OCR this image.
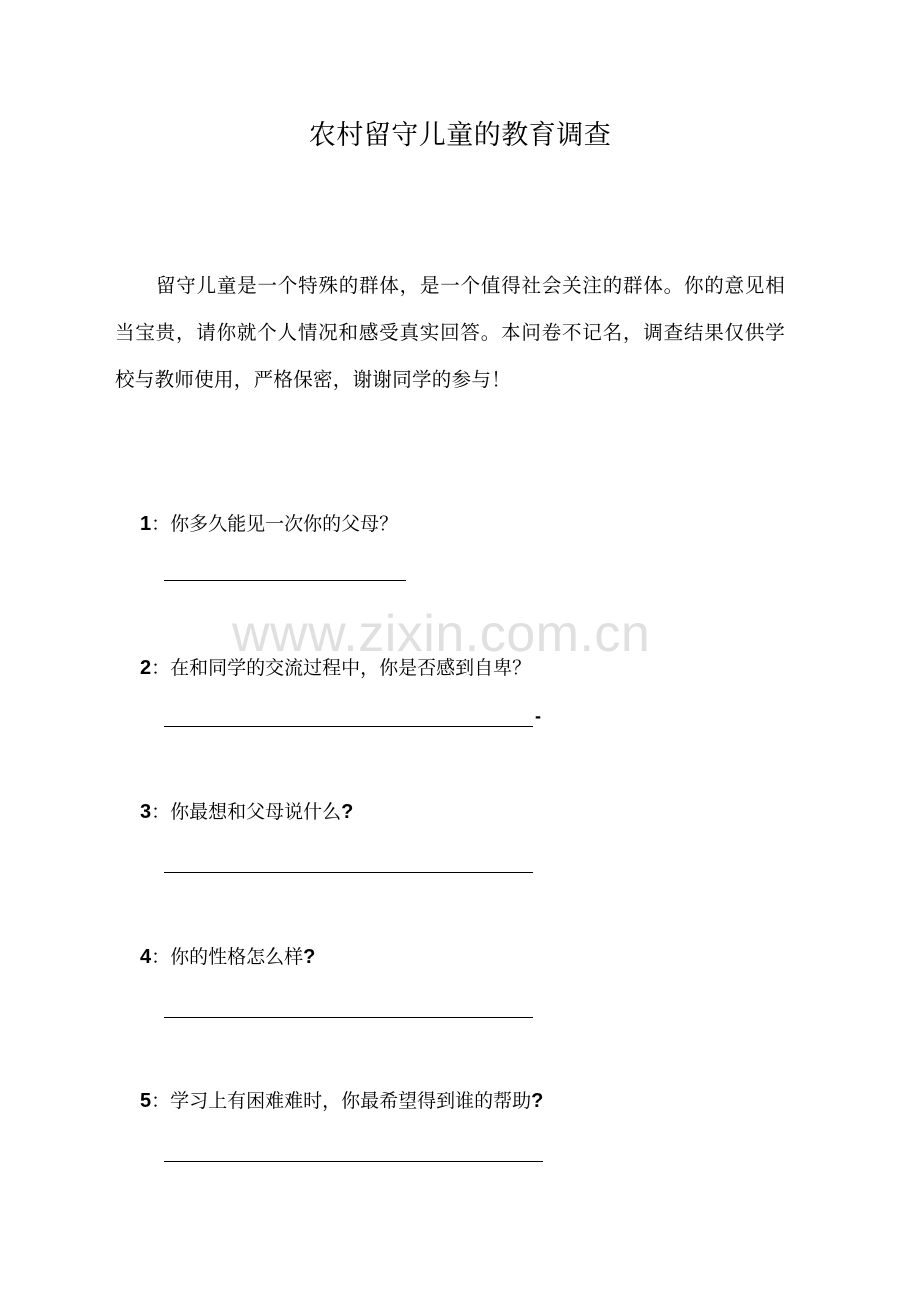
农村留守儿童的教育调查
留守儿童是一个特殊的群体，是一个值得社会关注的群体。你的意见相当宝贵，请你就个人情况和感受真实回答。本问卷不记名，调查结果仅供学校与教师使用，严格保密，谢谢同学的参与！
www.zixin.com.cn
1：你多久能见一次你的父母？
2：在和同学的交流过程中，你是否感到自卑？
-
3：你最想和父母说什么?
4：你的性格怎么样?
5：学习上有困难难时，你最希望得到谁的帮助?
